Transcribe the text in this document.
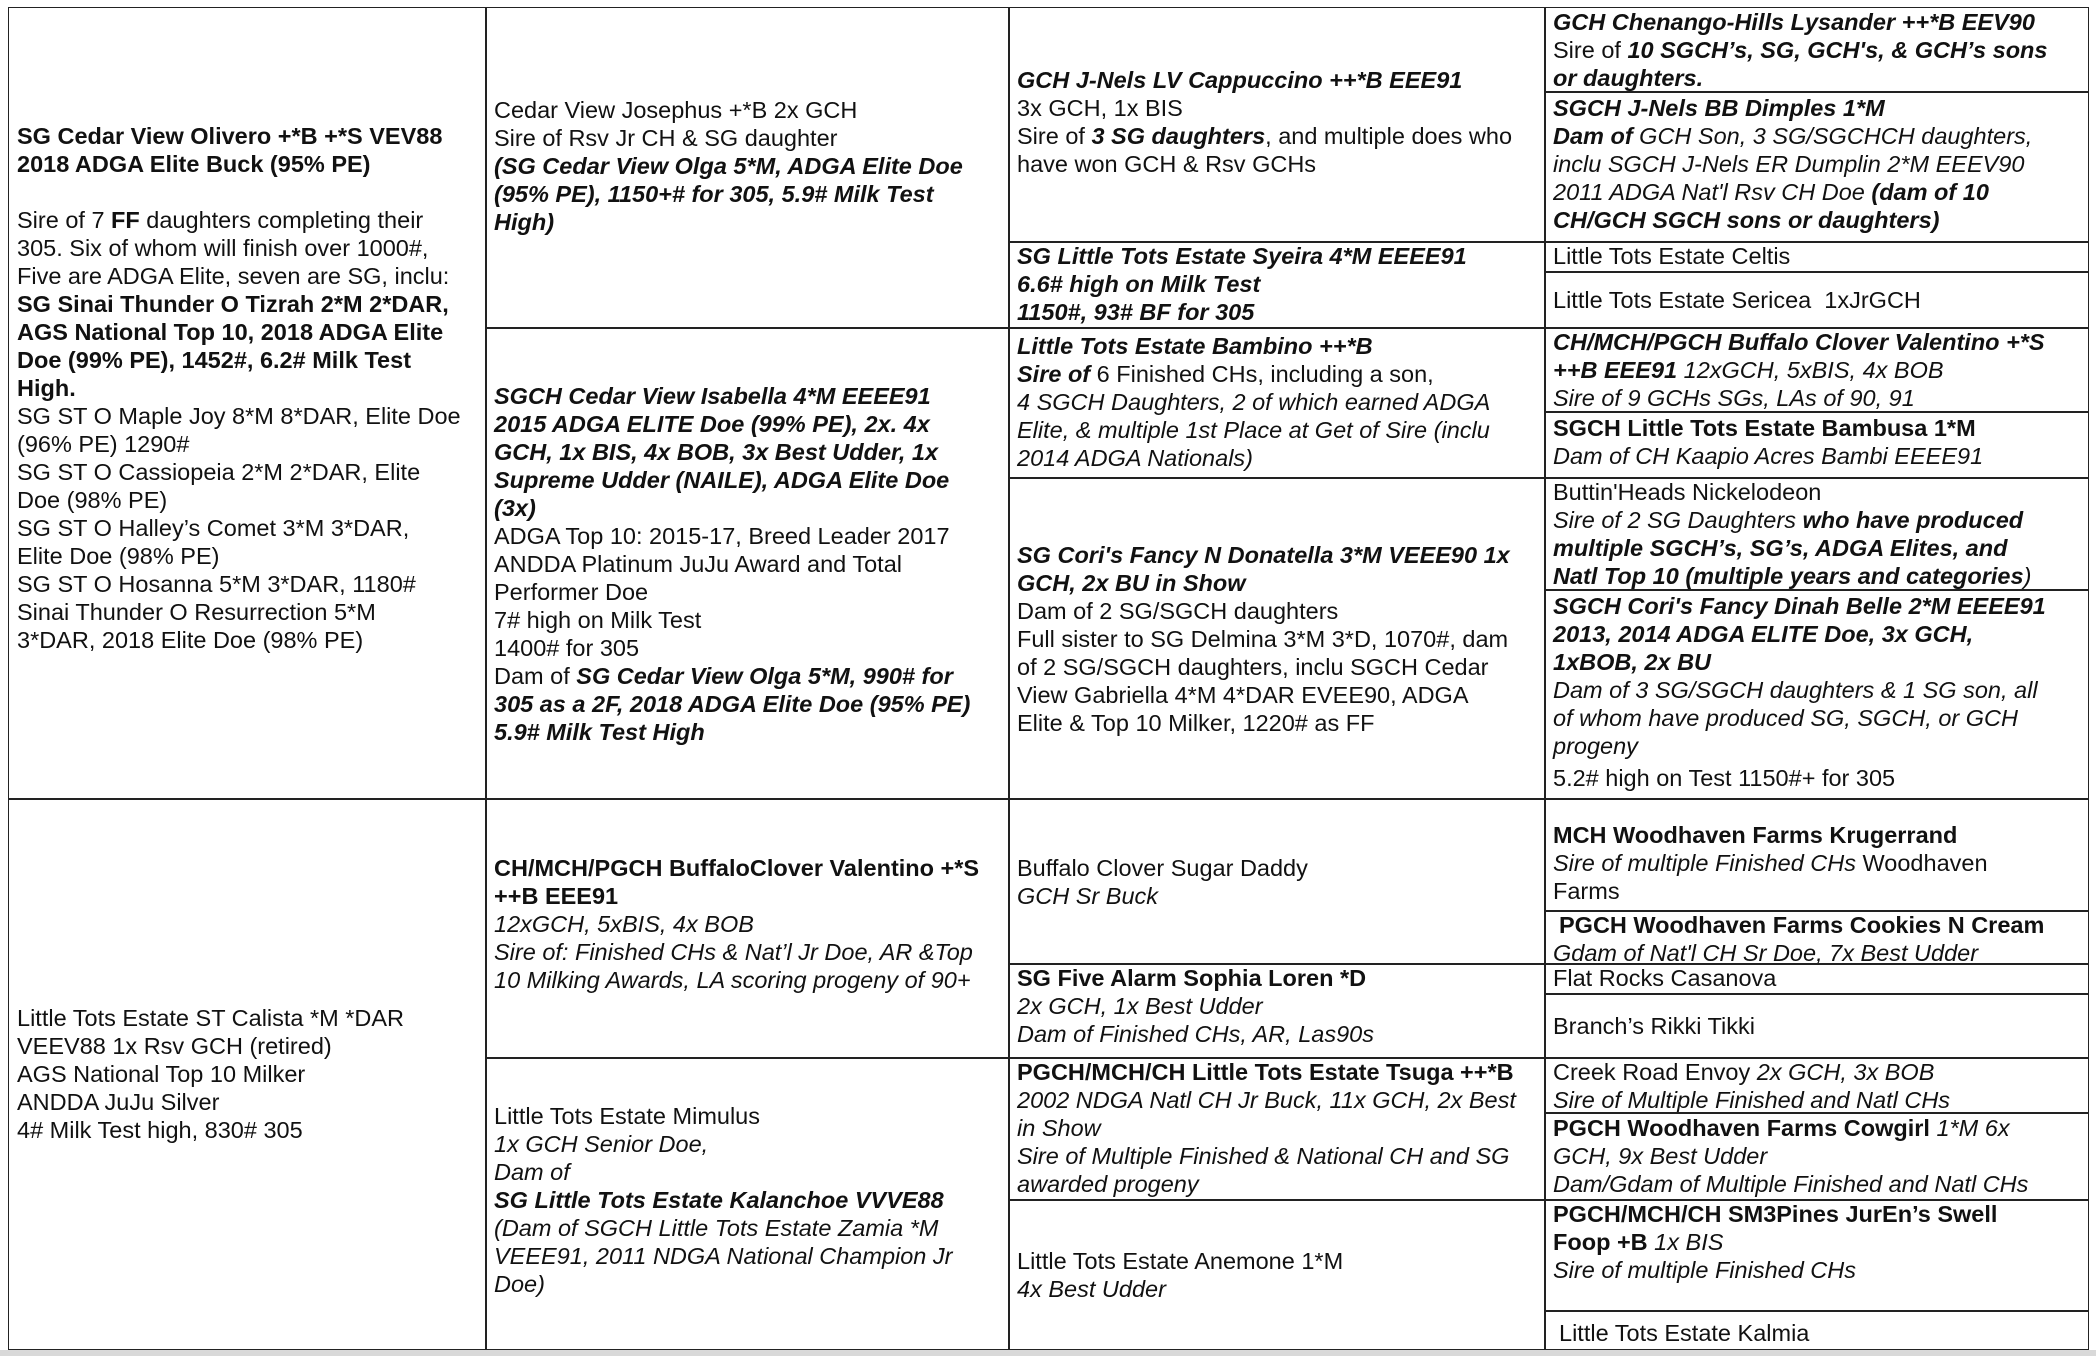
SG Cedar View Olivero +*B +*S VEV88
2018 ADGA Elite Buck (95% PE)
Sire of 7 FF daughters completing their
305. Six of whom will finish over 1000#,
Five are ADGA Elite, seven are SG, inclu:
SG Sinai Thunder O Tizrah 2*M 2*DAR,
AGS National Top 10, 2018 ADGA Elite
Doe (99% PE), 1452#, 6.2# Milk Test
High.
SG ST O Maple Joy 8*M 8*DAR, Elite Doe
(96% PE) 1290#
SG ST O Cassiopeia 2*M 2*DAR, Elite
Doe (98% PE)
SG ST O Halley’s Comet 3*M 3*DAR,
Elite Doe (98% PE)
SG ST O Hosanna 5*M 3*DAR, 1180#
Sinai Thunder O Resurrection 5*M
3*DAR, 2018 Elite Doe (98% PE)
Little Tots Estate ST Calista *M *DAR
VEEV88 1x Rsv GCH (retired)
AGS National Top 10 Milker
ANDDA JuJu Silver
4# Milk Test high, 830# 305
Cedar View Josephus +*B 2x GCH
Sire of Rsv Jr CH & SG daughter
(SG Cedar View Olga 5*M, ADGA Elite Doe
(95% PE), 1150+# for 305, 5.9# Milk Test
High)
SGCH Cedar View Isabella 4*M EEEE91
2015 ADGA ELITE Doe (99% PE), 2x. 4x
GCH, 1x BIS, 4x BOB, 3x Best Udder, 1x
Supreme Udder (NAILE), ADGA Elite Doe
(3x)
ADGA Top 10: 2015-17, Breed Leader 2017
ANDDA Platinum JuJu Award and Total
Performer Doe
7# high on Milk Test
1400# for 305
Dam of SG Cedar View Olga 5*M, 990# for
305 as a 2F, 2018 ADGA Elite Doe (95% PE)
5.9# Milk Test High
CH/MCH/PGCH BuffaloClover Valentino +*S
++B EEE91
12xGCH, 5xBIS, 4x BOB
Sire of: Finished CHs & Nat’l Jr Doe, AR &Top
10 Milking Awards, LA scoring progeny of 90+
Little Tots Estate Mimulus
1x GCH Senior Doe,
Dam of
SG Little Tots Estate Kalanchoe VVVE88
(Dam of SGCH Little Tots Estate Zamia *M
VEEE91, 2011 NDGA National Champion Jr
Doe)
GCH J-Nels LV Cappuccino ++*B EEE91
3x GCH, 1x BIS
Sire of 3 SG daughters, and multiple does who
have won GCH & Rsv GCHs
SG Little Tots Estate Syeira 4*M EEEE91
6.6# high on Milk Test
1150#, 93# BF for 305
Little Tots Estate Bambino ++*B
Sire of 6 Finished CHs, including a son,
4 SGCH Daughters, 2 of which earned ADGA
Elite, & multiple 1st Place at Get of Sire (inclu
2014 ADGA Nationals)
SG Cori's Fancy N Donatella 3*M VEEE90 1x
GCH, 2x BU in Show
Dam of 2 SG/SGCH daughters
Full sister to SG Delmina 3*M 3*D, 1070#, dam
of 2 SG/SGCH daughters, inclu SGCH Cedar
View Gabriella 4*M 4*DAR EVEE90, ADGA
Elite & Top 10 Milker, 1220# as FF
Buffalo Clover Sugar Daddy
GCH Sr Buck
SG Five Alarm Sophia Loren *D
2x GCH, 1x Best Udder
Dam of Finished CHs, AR, Las90s
PGCH/MCH/CH Little Tots Estate Tsuga ++*B
2002 NDGA Natl CH Jr Buck, 11x GCH, 2x Best
in Show
Sire of Multiple Finished & National CH and SG
awarded progeny
Little Tots Estate Anemone 1*M
4x Best Udder
GCH Chenango-Hills Lysander ++*B EEV90
Sire of 10 SGCH’s, SG, GCH's, & GCH’s sons
or daughters.
SGCH J-Nels BB Dimples 1*M
Dam of GCH Son, 3 SG/SGCHCH daughters,
inclu SGCH J-Nels ER Dumplin 2*M EEEV90
2011 ADGA Nat'l Rsv CH Doe (dam of 10
CH/GCH SGCH sons or daughters)
Little Tots Estate Celtis
Little Tots Estate Sericea 1xJrGCH
CH/MCH/PGCH Buffalo Clover Valentino +*S
++B EEE91 12xGCH, 5xBIS, 4x BOB
Sire of 9 GCHs SGs, LAs of 90, 91
SGCH Little Tots Estate Bambusa 1*M
Dam of CH Kaapio Acres Bambi EEEE91
Buttin'Heads Nickelodeon
Sire of 2 SG Daughters who have produced
multiple SGCH’s, SG’s, ADGA Elites, and
Natl Top 10 (multiple years and categories)
SGCH Cori's Fancy Dinah Belle 2*M EEEE91
2013, 2014 ADGA ELITE Doe, 3x GCH,
1xBOB, 2x BU
Dam of 3 SG/SGCH daughters & 1 SG son, all
of whom have produced SG, SGCH, or GCH
progeny
5.2# high on Test 1150#+ for 305
MCH Woodhaven Farms Krugerrand
Sire of multiple Finished CHs Woodhaven
Farms
PGCH Woodhaven Farms Cookies N Cream
Gdam of Nat'l CH Sr Doe, 7x Best Udder
Flat Rocks Casanova
Branch’s Rikki Tikki
Creek Road Envoy 2x GCH, 3x BOB
Sire of Multiple Finished and Natl CHs
PGCH Woodhaven Farms Cowgirl 1*M 6x
GCH, 9x Best Udder
Dam/Gdam of Multiple Finished and Natl CHs
PGCH/MCH/CH SM3Pines JurEn’s Swell
Foop +B 1x BIS
Sire of multiple Finished CHs
Little Tots Estate Kalmia
